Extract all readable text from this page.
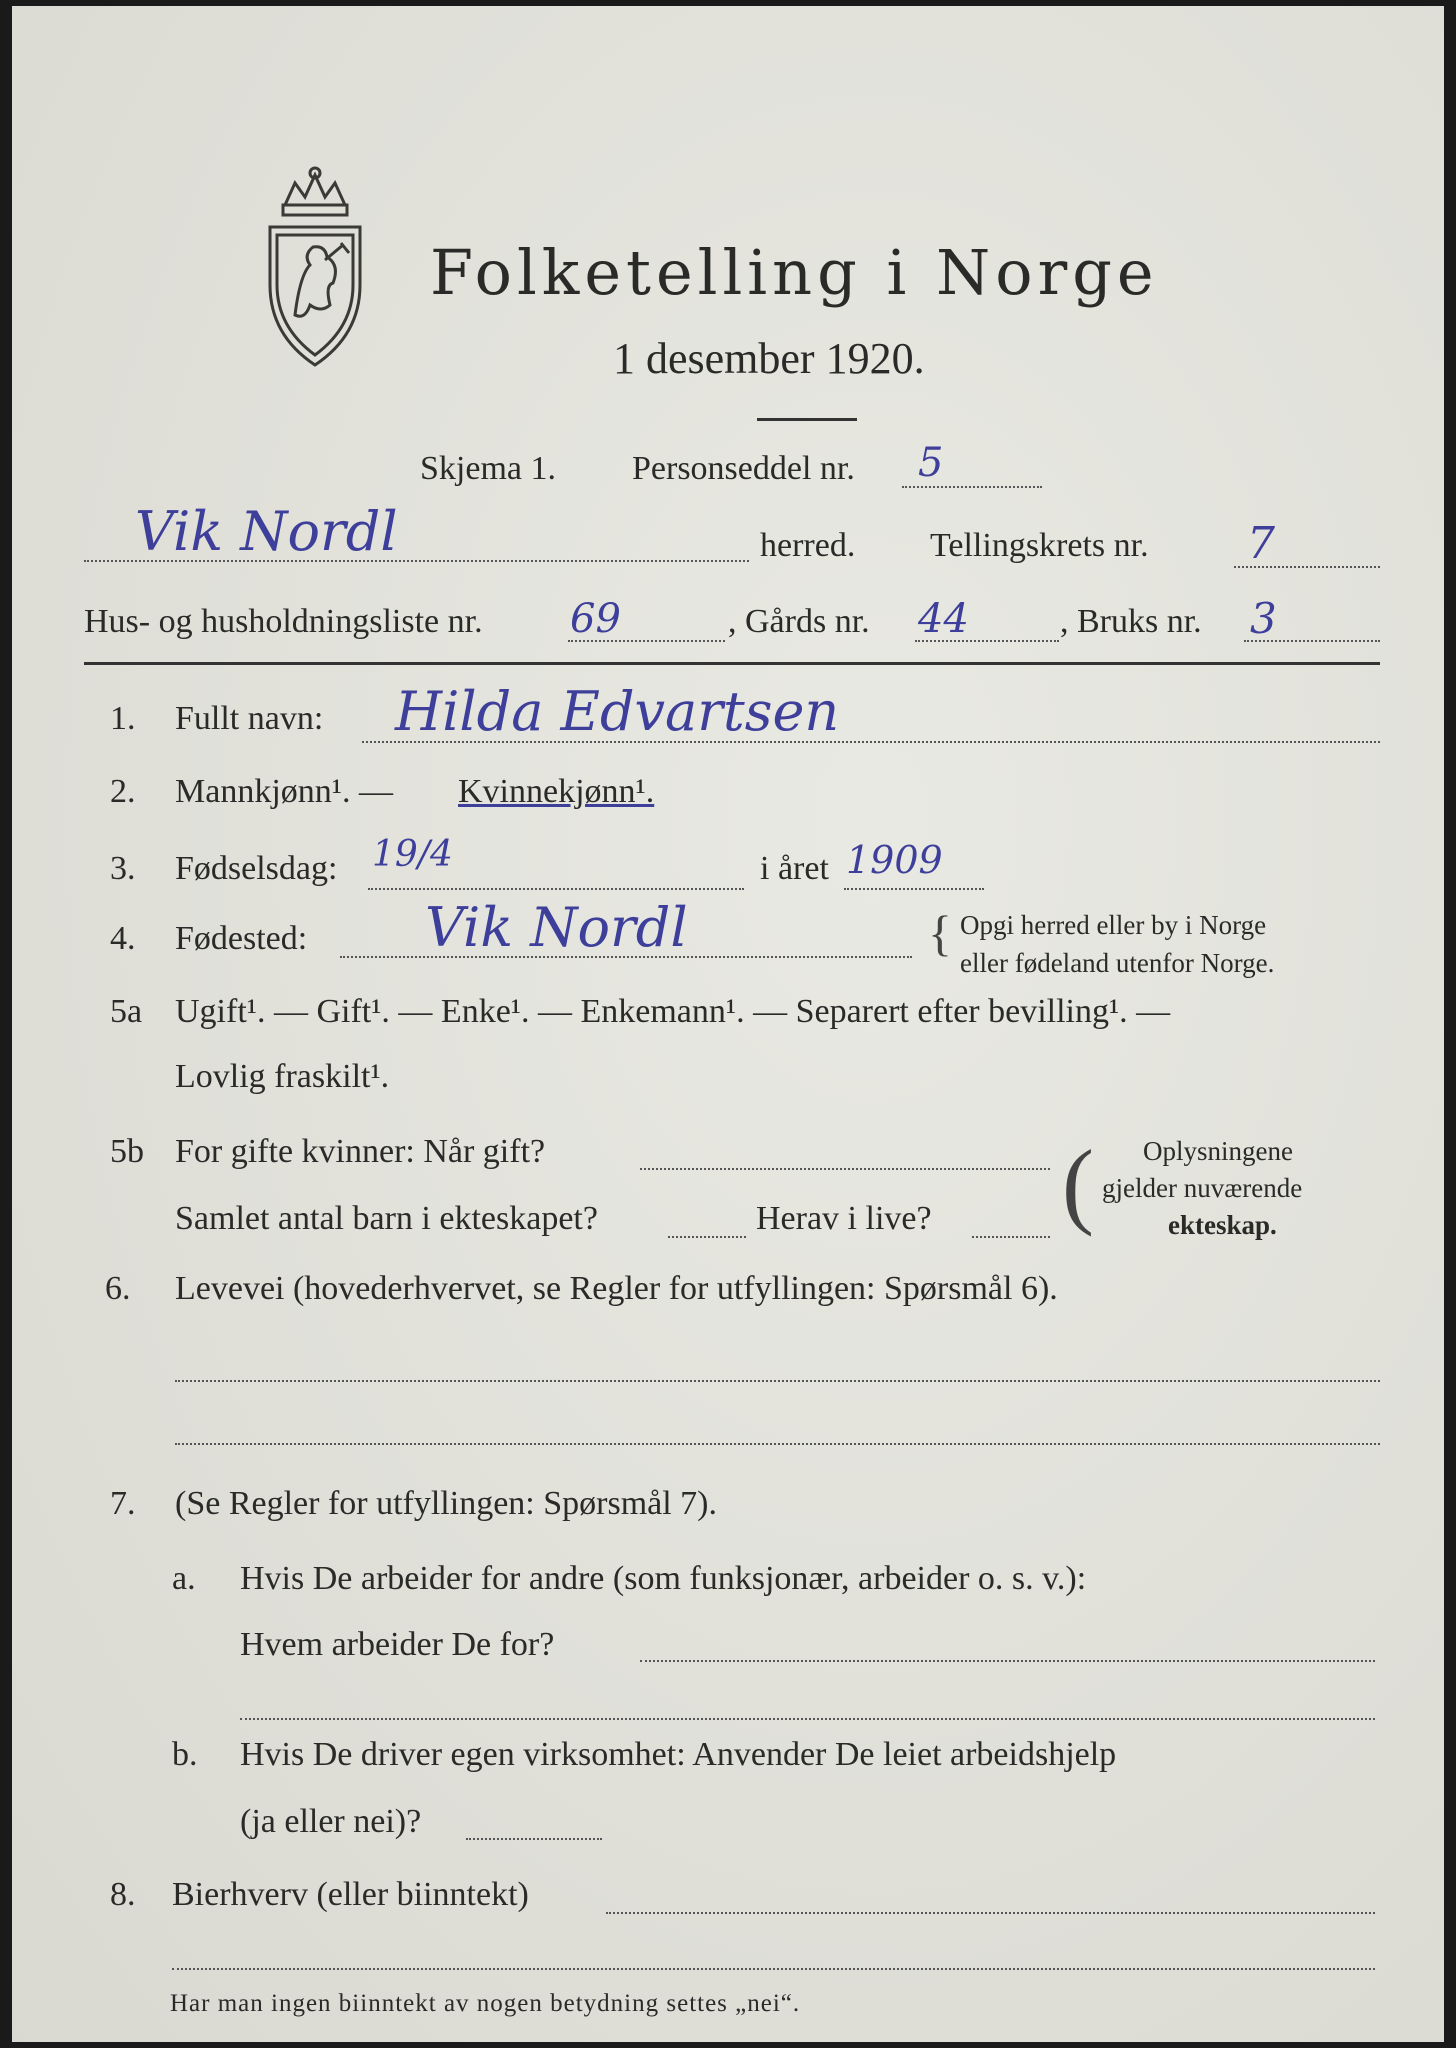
Folketelling i Norge
1 desember 1920.
Skjema 1. Personseddel nr. 5
Vik Nordl	herred. Tellingskrets nr. 7
Hus- og husholdningsliste nr. 69	, Gårds nr. 44	, Bruks nr. 3
1. Fullt navn: Hilda Edvartsen
2. Mannkjønn¹. — Kvinnekjønn¹.
3. Fødselsdag: 19/4	i året 1909
4. Fødested: Vik Nordl	{ Opgi herred eller by i Norge
eller fødeland utenfor Norge.
5a Ugift¹. — Gift¹. — Enke¹. — Enkemann¹. — Separert efter bevilling¹. —
Lovlig fraskilt¹.
5b For gifte kvinner: Når gift?
Samlet antal barn i ekteskapet?	Herav i live? ( Oplysningene
gjelder nuværende
ekteskap.
6. Levevei (hovederhvervet, se Regler for utfyllingen: Spørsmål 6).
7. (Se Regler for utfyllingen: Spørsmål 7).
a. Hvis De arbeider for andre (som funksjonær, arbeider o. s. v.):
Hvem arbeider De for?
b. Hvis De driver egen virksomhet: Anvender De leiet arbeidshjelp
(ja eller nei)?
8. Bierhverv (eller biinntekt)
Har man ingen biinntekt av nogen betydning settes „nei“.
